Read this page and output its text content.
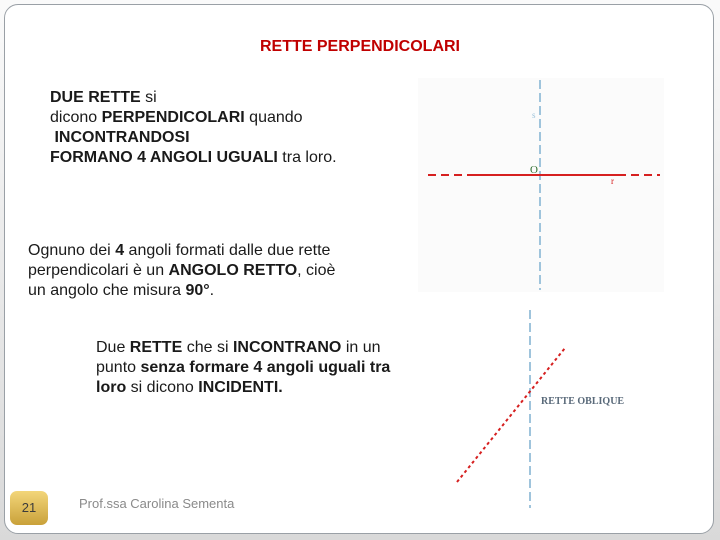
RETTE PERPENDICOLARI
DUE RETTE si
dicono PERPENDICOLARI quando
INCONTRANDOSI
FORMANO 4 ANGOLI UGUALI tra loro.
Ognuno dei 4 angoli formati dalle due rette
perpendicolari è un ANGOLO RETTO, cioè
un angolo che misura 90°.
Due RETTE che si INCONTRANO in un
punto senza formare 4 angoli uguali tra
loro si dicono INCIDENTI.
s
O
r
RETTE OBLIQUE
21	Prof.ssa Carolina Sementa
